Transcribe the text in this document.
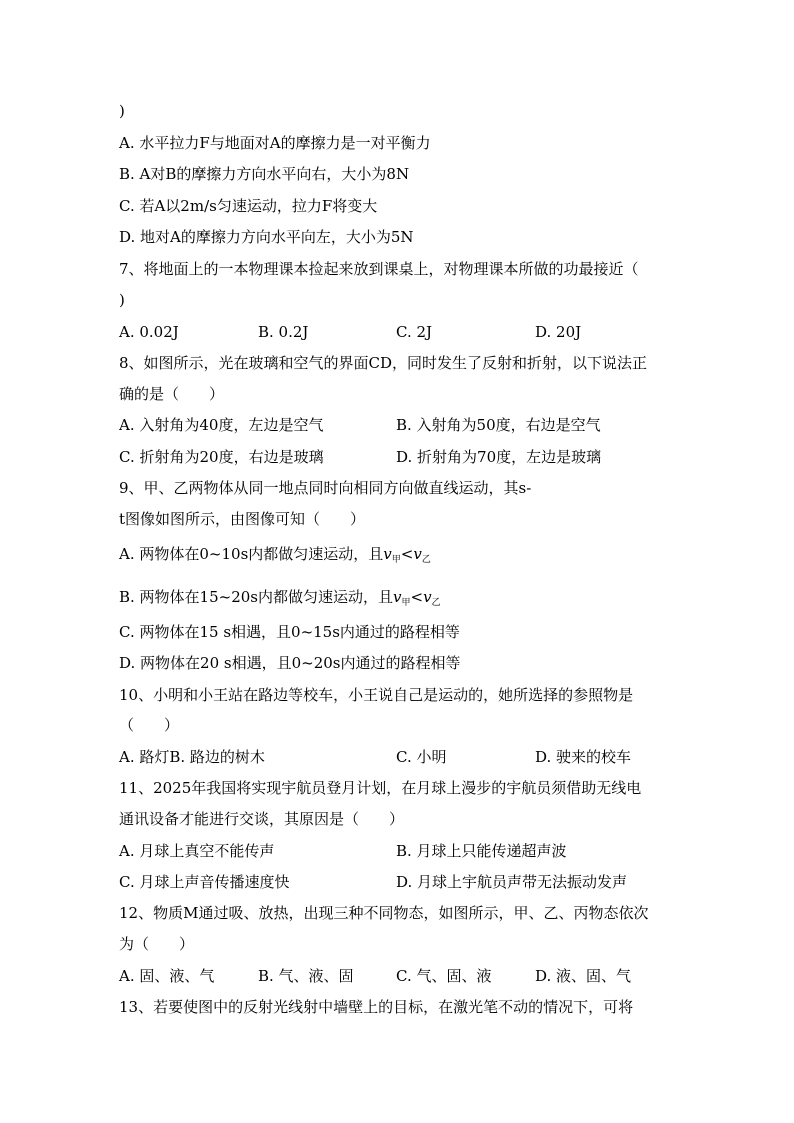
)
A. 水平拉力F与地面对A的摩擦力是一对平衡力
B. A对B的摩擦力方向水平向右，大小为8N
C. 若A以2m/s匀速运动，拉力F将变大
D. 地对A的摩擦力方向水平向左，大小为5N
7、将地面上的一本物理课本捡起来放到课桌上，对物理课本所做的功最接近（
)
A. 0.02J	B. 0.2J	C. 2J	D. 20J
8、如图所示，光在玻璃和空气的界面CD，同时发生了反射和折射，以下说法正
确的是（　　）
A. 入射角为40度，左边是空气	B. 入射角为50度，右边是空气
C. 折射角为20度，右边是玻璃	D. 折射角为70度，左边是玻璃
9、甲、乙两物体从同一地点同时向相同方向做直线运动，其s-
t图像如图所示，由图像可知（　　）
A. 两物体在0~10s内都做匀速运动，且$v_甲<v_乙$
B. 两物体在15~20s内都做匀速运动，且$v_甲<v_乙$
C. 两物体在15 s相遇，且0~15s内通过的路程相等
D. 两物体在20 s相遇，且0~20s内通过的路程相等
10、小明和小王站在路边等校车，小王说自己是运动的，她所选择的参照物是
（　　）
A. 路灯B. 路边的树木	C. 小明	D. 驶来的校车
11、2025年我国将实现宇航员登月计划，在月球上漫步的宇航员须借助无线电
通讯设备才能进行交谈，其原因是（　　）
A. 月球上真空不能传声	B. 月球上只能传递超声波
C. 月球上声音传播速度快	D. 月球上宇航员声带无法振动发声
12、物质M通过吸、放热，出现三种不同物态，如图所示，甲、乙、丙物态依次
为（　　）
A. 固、液、气	B. 气、液、固	C. 气、固、液	D. 液、固、气
13、若要使图中的反射光线射中墙壁上的目标，在激光笔不动的情况下，可将
